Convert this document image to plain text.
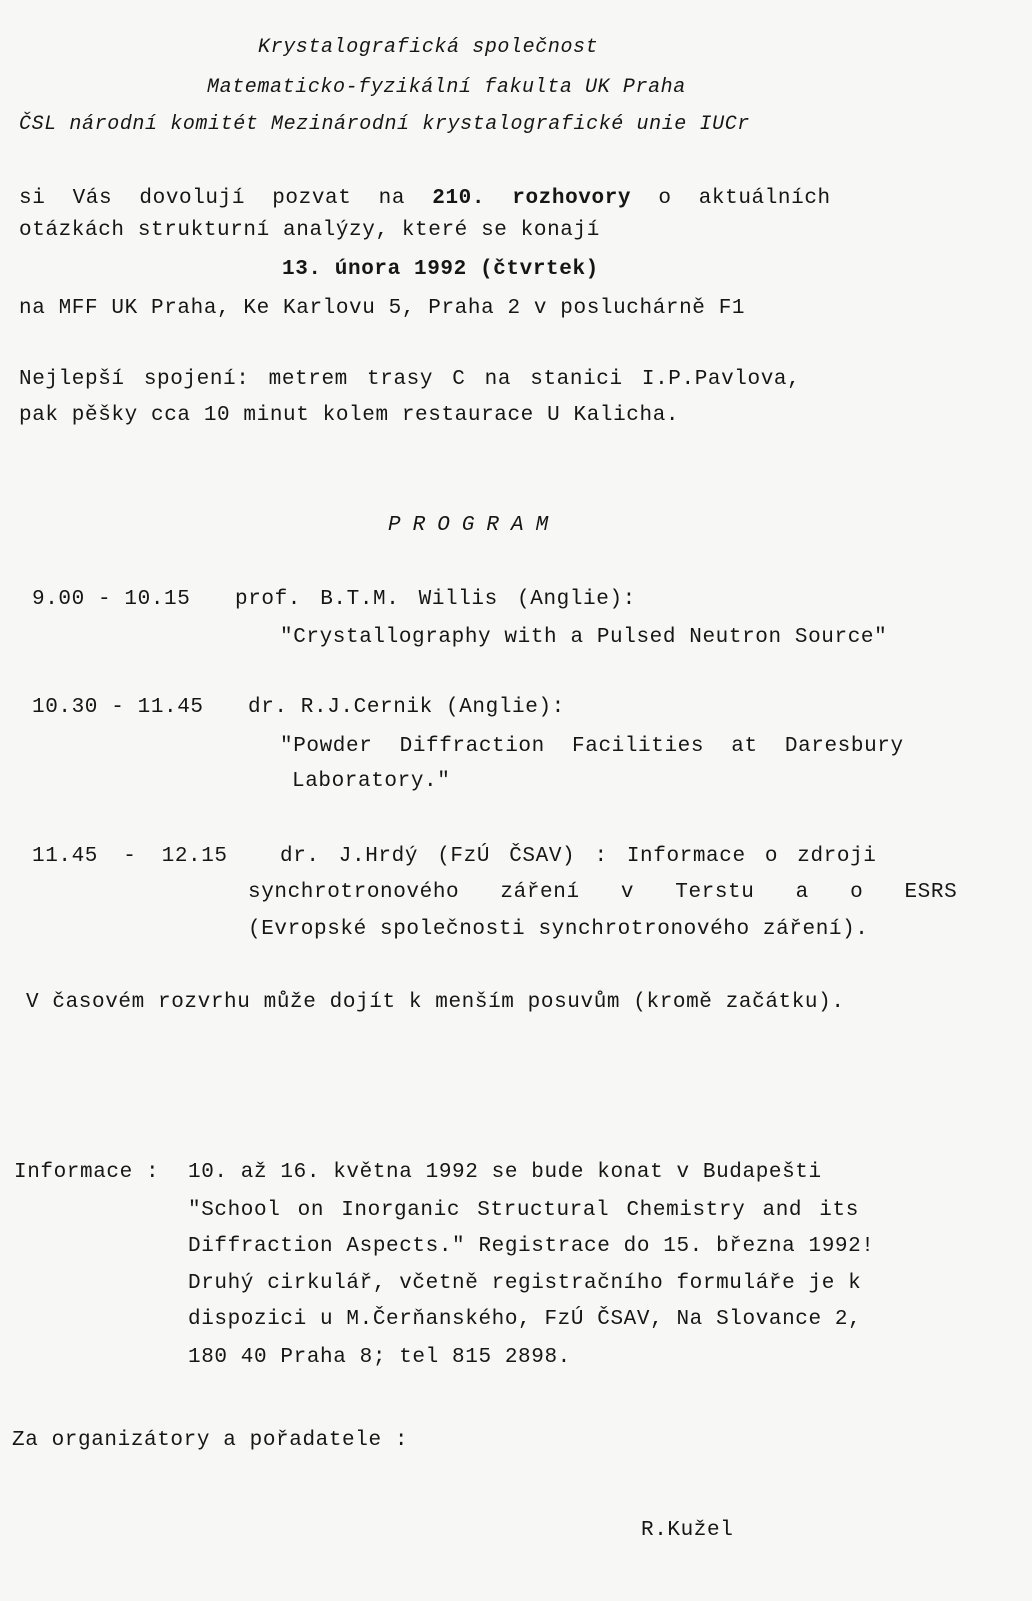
Krystalografická společnost
Matematicko-fyzikální fakulta UK Praha
ČSL národní komitét Mezinárodní krystalografické unie IUCr
si Vás dovolují pozvat na 210. rozhovory o aktuálních
otázkách strukturní analýzy, které se konají
13. února 1992 (čtvrtek)
na MFF UK Praha, Ke Karlovu 5, Praha 2 v posluchárně F1
Nejlepší spojení: metrem trasy C na stanici I.P.Pavlova,
pak pěšky cca 10 minut kolem restaurace U Kalicha.
PROGRAM
9.00 - 10.15 prof. B.T.M. Willis (Anglie):
"Crystallography with a Pulsed Neutron Source"
10.30 - 11.45 dr. R.J.Cernik (Anglie):
"Powder Diffraction Facilities at Daresbury
Laboratory."
11.45 - 12.15 dr. J.Hrdý (FzÚ ČSAV) : Informace o zdroji
synchrotronového záření v Terstu a o ESRS
(Evropské společnosti synchrotronového záření).
V časovém rozvrhu může dojít k menším posuvům (kromě začátku).
Informace : 10. až 16. května 1992 se bude konat v Budapešti
"School on Inorganic Structural Chemistry and its
Diffraction Aspects." Registrace do 15. března 1992!
Druhý cirkulář, včetně registračního formuláře je k
dispozici u M.Čerňanského, FzÚ ČSAV, Na Slovance 2,
180 40 Praha 8; tel 815 2898.
Za organizátory a pořadatele :
R.Kužel
